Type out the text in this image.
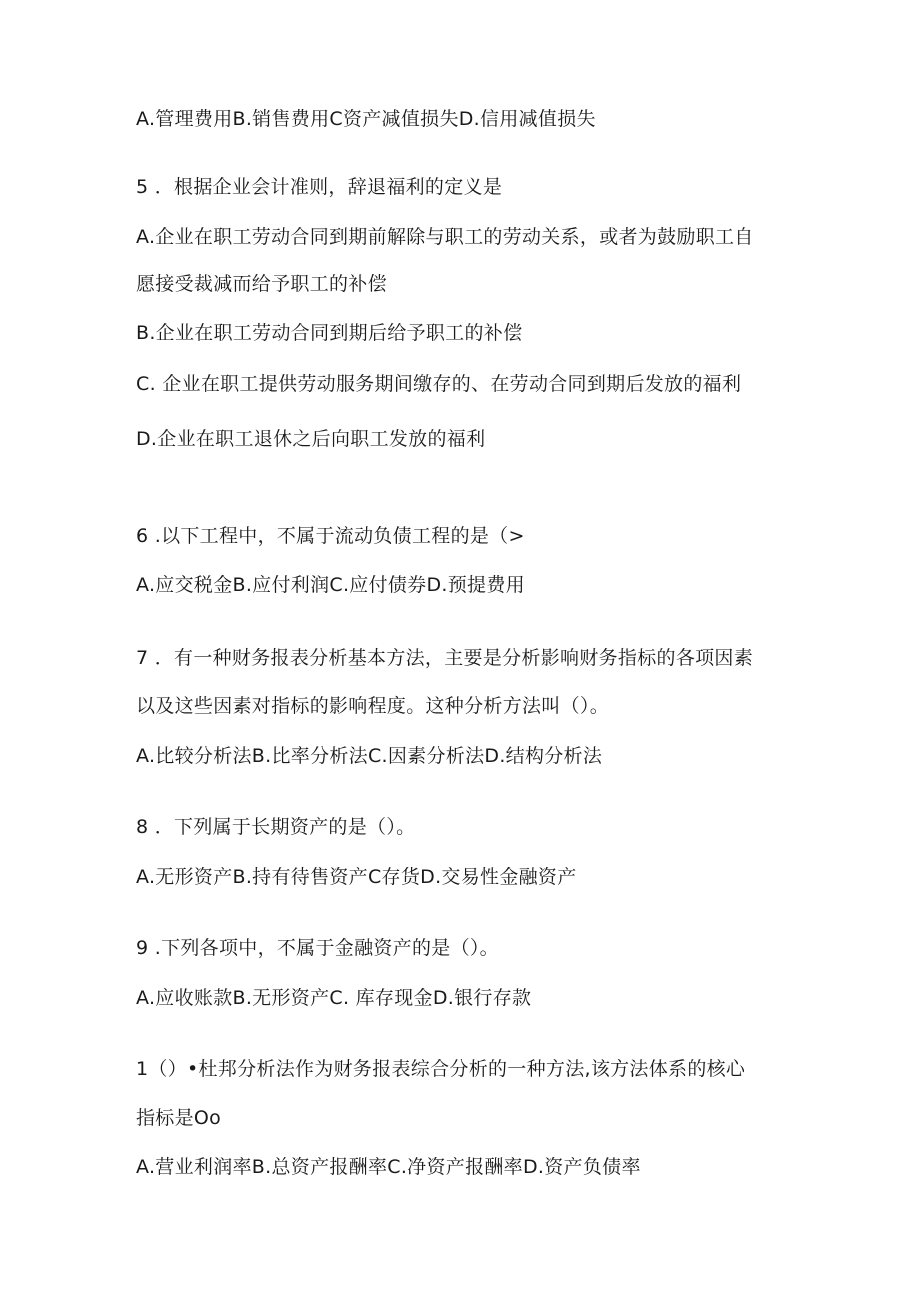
A.管理费用B.销售费用C资产减值损失D.信用减值损失
5 ．根据企业会计准则，辞退福利的定义是
A.企业在职工劳动合同到期前解除与职工的劳动关系，或者为鼓励职工自
愿接受裁减而给予职工的补偿
B.企业在职工劳动合同到期后给予职工的补偿
C. 企业在职工提供劳动服务期间缴存的、在劳动合同到期后发放的福利
D.企业在职工退休之后向职工发放的福利
6 .以下工程中，不属于流动负债工程的是（>
A.应交税金B.应付利润C.应付债券D.预提费用
7 ．有一种财务报表分析基本方法，主要是分析影响财务指标的各项因素
以及这些因素对指标的影响程度。这种分析方法叫（）。
A.比较分析法B.比率分析法C.因素分析法D.结构分析法
8 ．下列属于长期资产的是（）。
A.无形资产B.持有待售资产C存货D.交易性金融资产
9 .下列各项中，不属于金融资产的是（）。
A.应收账款B.无形资产C. 库存现金D.银行存款
1（）•杜邦分析法作为财务报表综合分析的一种方法,该方法体系的核心
指标是Oo
A.营业利润率B.总资产报酬率C.净资产报酬率D.资产负债率
